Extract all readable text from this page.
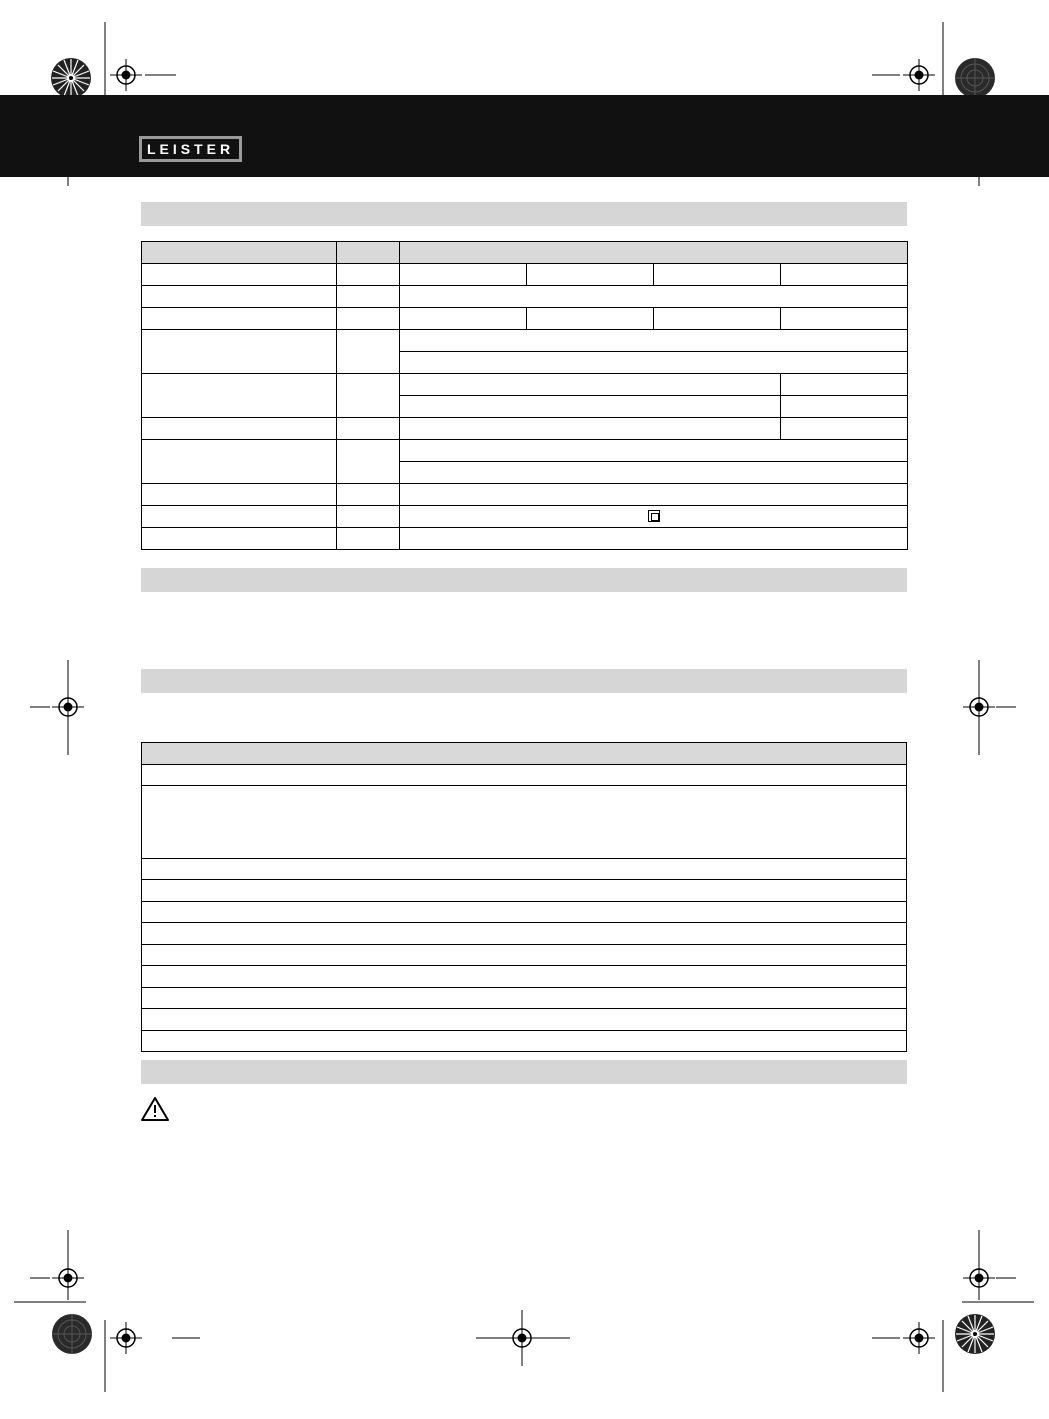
LEISTER
